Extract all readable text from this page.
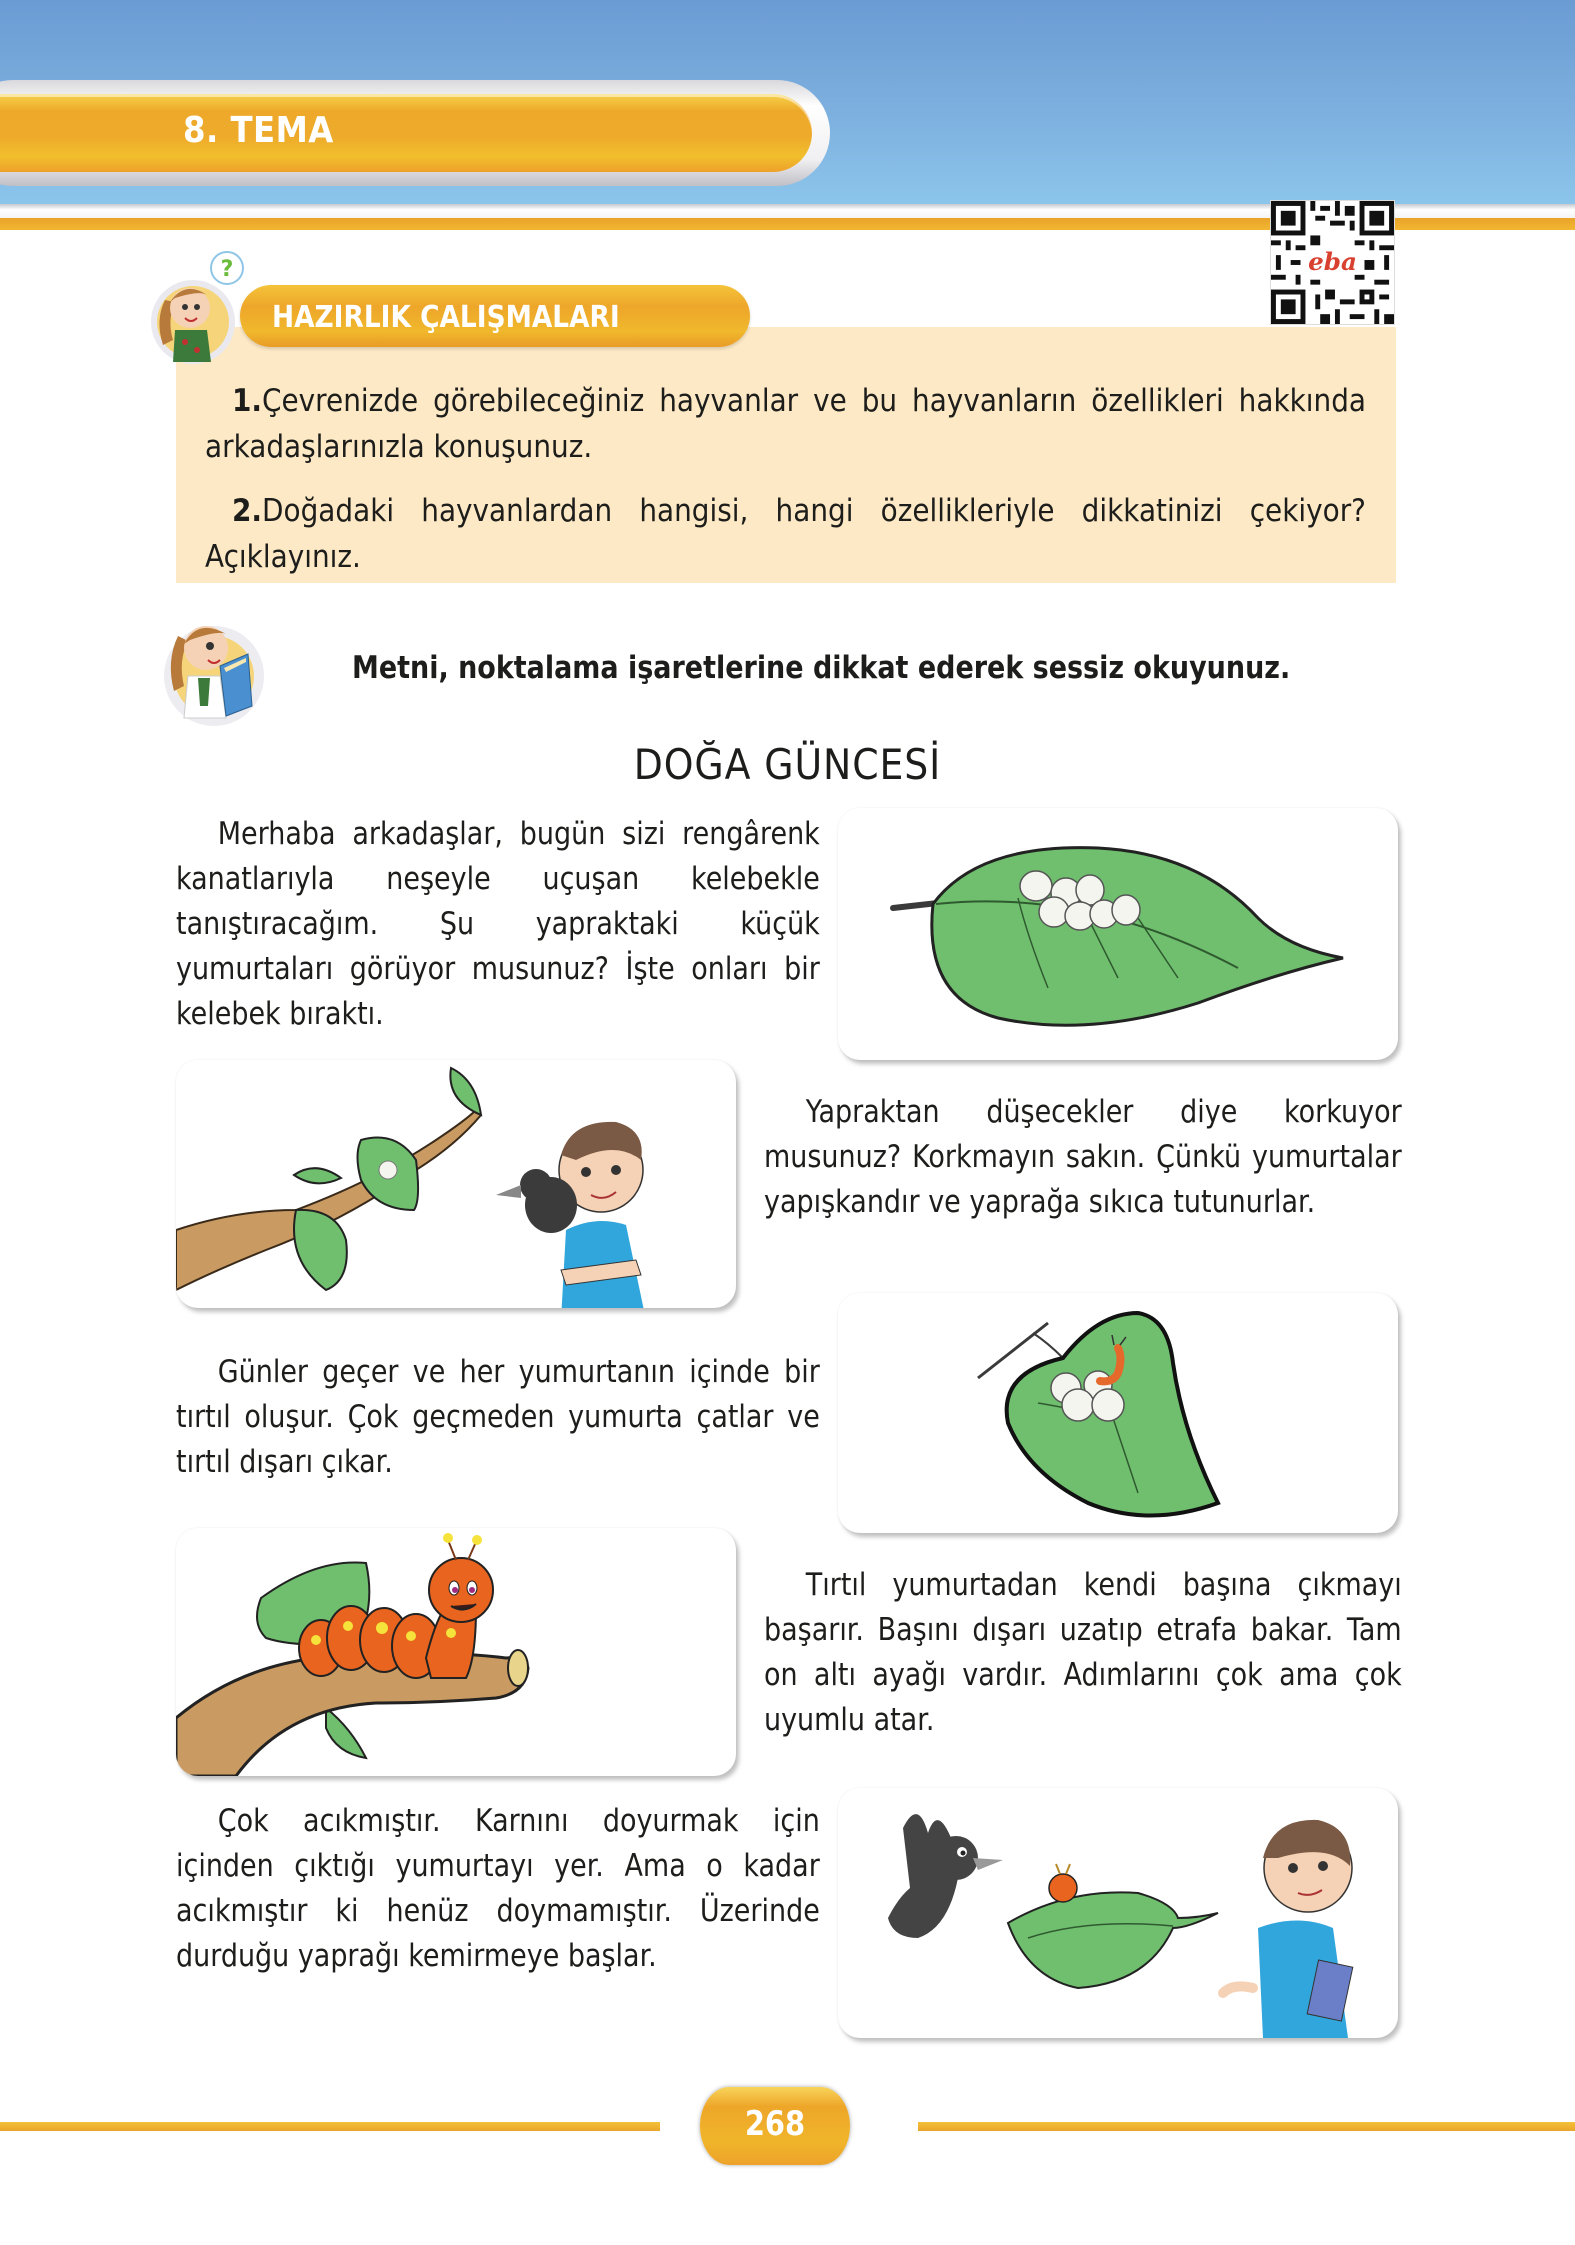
8. TEMA
eba
HAZIRLIK ÇALIŞMALARI
?
1.Çevrenizde görebileceğiniz hayvanlar ve bu hayvanların özellikleri hakkında arkadaşlarınızla konuşunuz.
2.Doğadaki hayvanlardan hangisi, hangi özellikleriyle dikkatinizi çekiyor? Açıklayınız.
Metni, noktalama işaretlerine dikkat ederek sessiz okuyunuz.
DOĞA GÜNCESİ
Merhaba arkadaşlar, bugün sizi rengârenk kanatlarıyla neşeyle uçuşan kelebekle tanıştıracağım. Şu yapraktaki küçük yumurtaları görüyor musunuz? İşte onları bir kelebek bıraktı.
Yapraktan düşecekler diye korkuyor musunuz? Korkmayın sakın. Çünkü yumurtalar yapışkandır ve yaprağa sıkıca tutunurlar.
Günler geçer ve her yumurtanın içinde bir tırtıl oluşur. Çok geçmeden yumurta çatlar ve tırtıl dışarı çıkar.
Tırtıl yumurtadan kendi başına çıkmayı başarır. Başını dışarı uzatıp etrafa bakar. Tam on altı ayağı vardır. Adımlarını çok ama çok uyumlu atar.
Çok acıkmıştır. Karnını doyurmak için içinden çıktığı yumurtayı yer. Ama o kadar acıkmıştır ki henüz doymamıştır. Üzerinde durduğu yaprağı kemirmeye başlar.
268
